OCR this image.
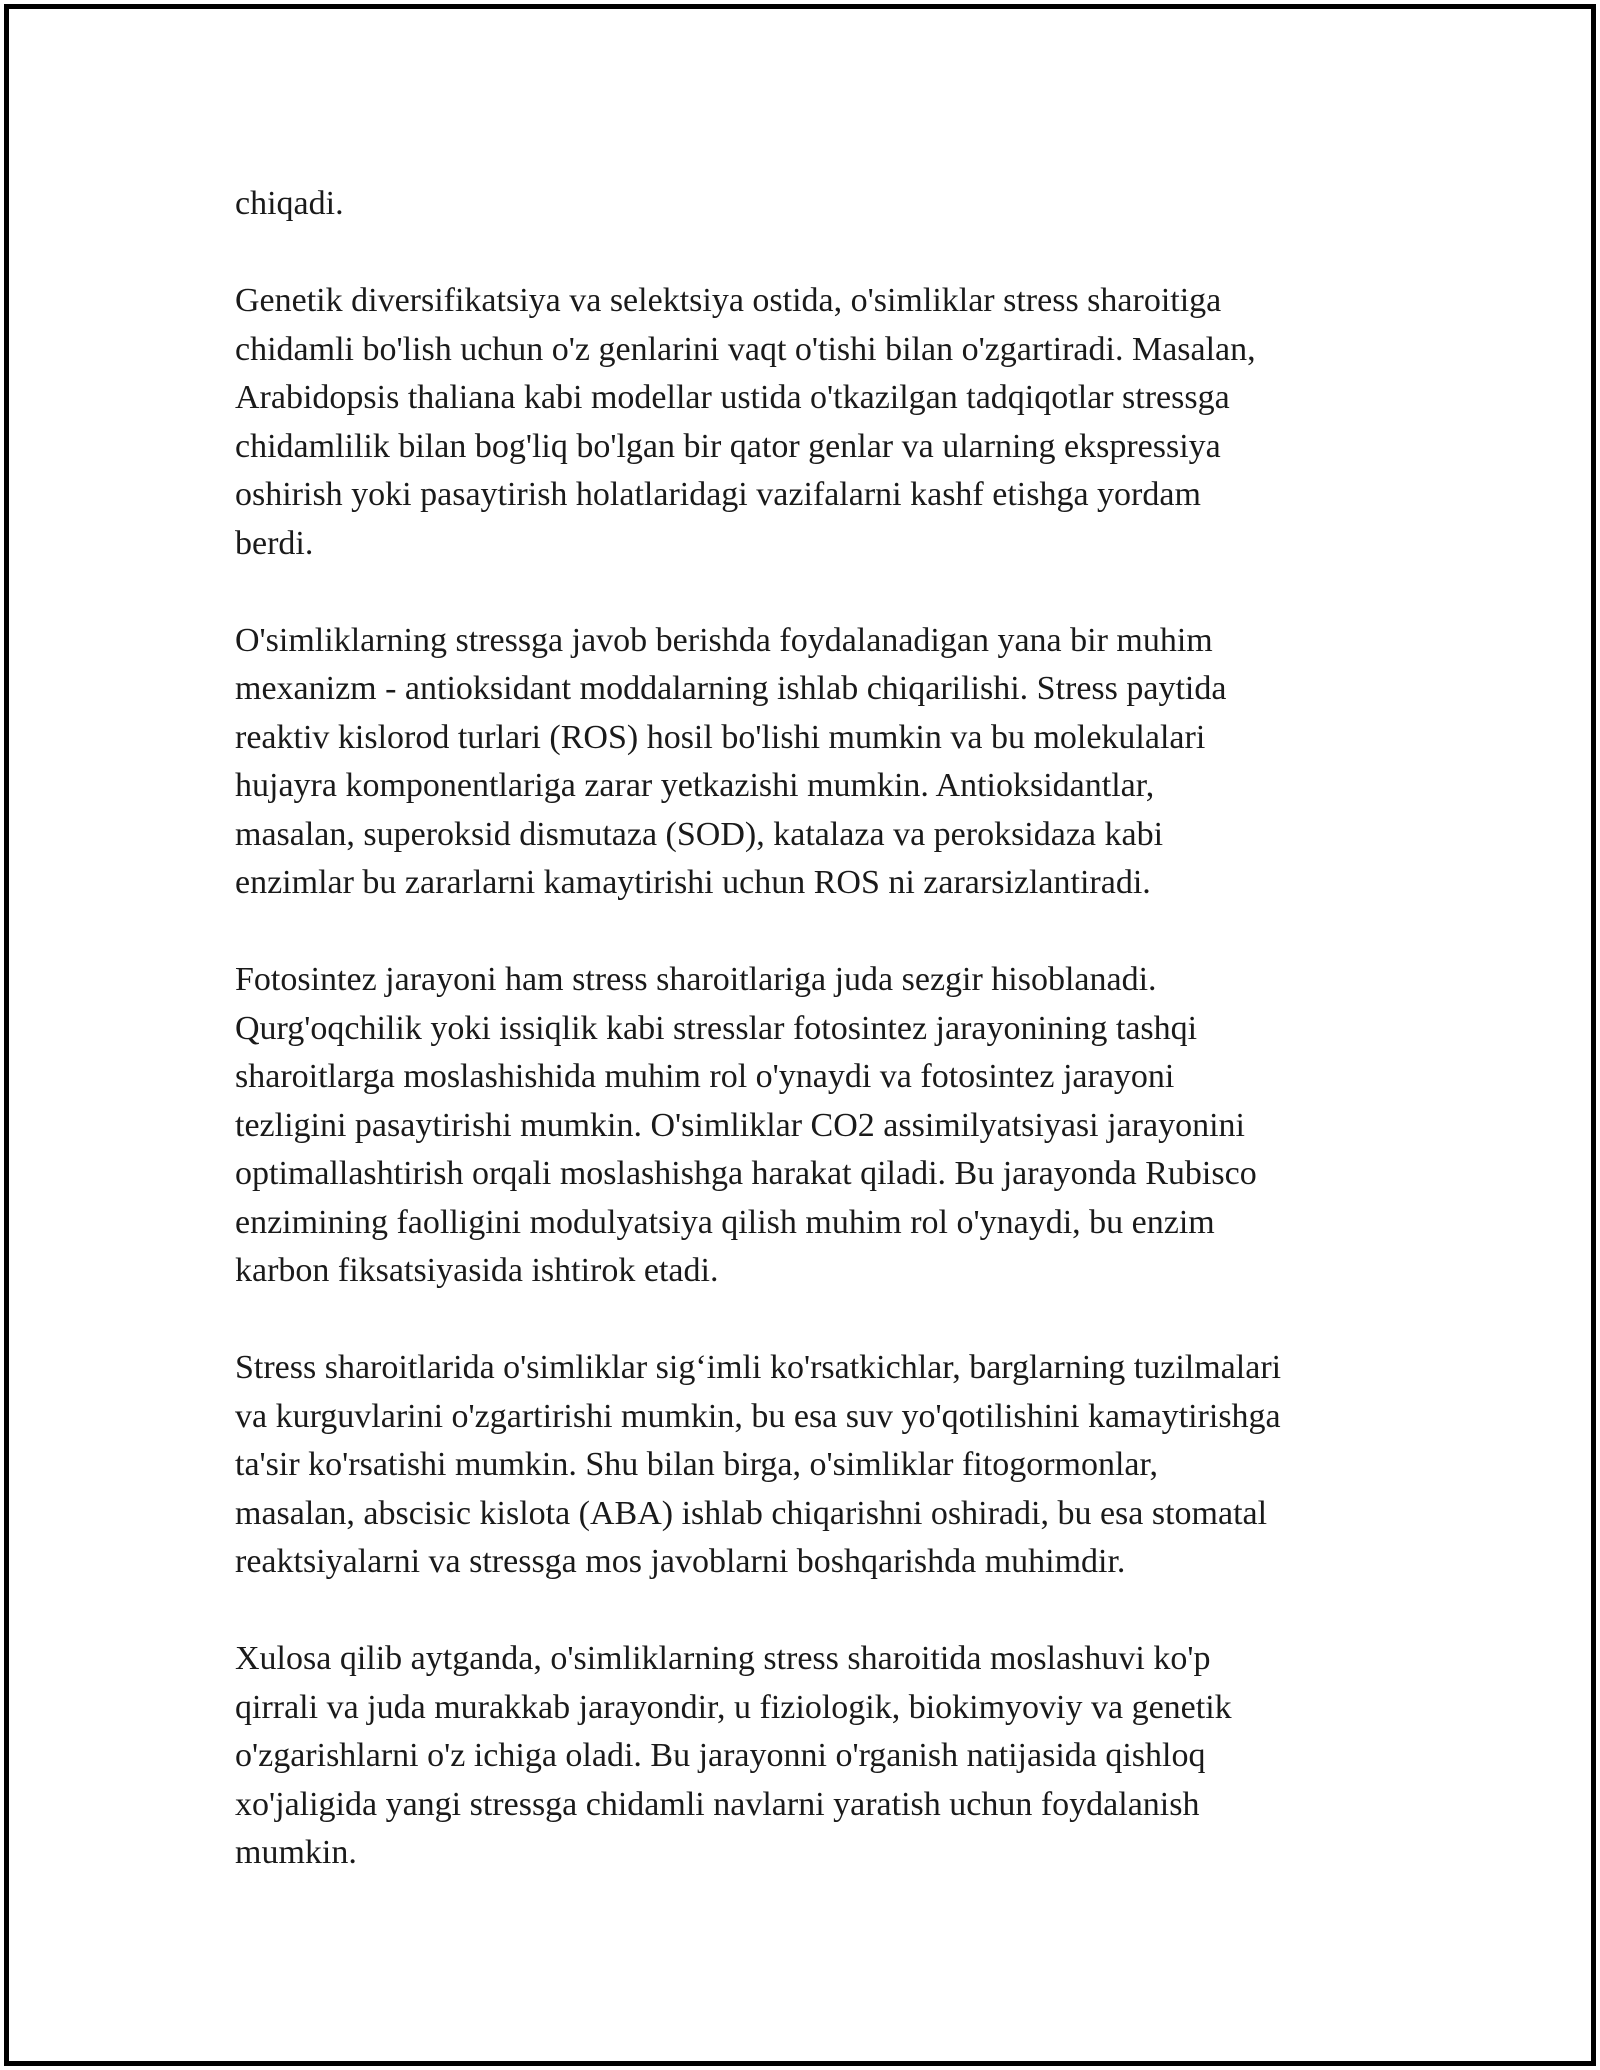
chiqadi.

Genetik diversifikatsiya va selektsiya ostida, o'simliklar stress sharoitiga
chidamli bo'lish uchun o'z genlarini vaqt o'tishi bilan o'zgartiradi. Masalan,
Arabidopsis thaliana kabi modellar ustida o'tkazilgan tadqiqotlar stressga
chidamlilik bilan bog'liq bo'lgan bir qator genlar va ularning ekspressiya
oshirish yoki pasaytirish holatlaridagi vazifalarni kashf etishga yordam
berdi.

O'simliklarning stressga javob berishda foydalanadigan yana bir muhim
mexanizm - antioksidant moddalarning ishlab chiqarilishi. Stress paytida
reaktiv kislorod turlari (ROS) hosil bo'lishi mumkin va bu molekulalari
hujayra komponentlariga zarar yetkazishi mumkin. Antioksidantlar,
masalan, superoksid dismutaza (SOD), katalaza va peroksidaza kabi
enzimlar bu zararlarni kamaytirishi uchun ROS ni zararsizlantiradi.

Fotosintez jarayoni ham stress sharoitlariga juda sezgir hisoblanadi.
Qurg'oqchilik yoki issiqlik kabi stresslar fotosintez jarayonining tashqi
sharoitlarga moslashishida muhim rol o'ynaydi va fotosintez jarayoni
tezligini pasaytirishi mumkin. O'simliklar CO2 assimilyatsiyasi jarayonini
optimallashtirish orqali moslashishga harakat qiladi. Bu jarayonda Rubisco
enzimining faolligini modulyatsiya qilish muhim rol o'ynaydi, bu enzim
karbon fiksatsiyasida ishtirok etadi.

Stress sharoitlarida o'simliklar sig‘imli ko'rsatkichlar, barglarning tuzilmalari
va kurguvlarini o'zgartirishi mumkin, bu esa suv yo'qotilishini kamaytirishga
ta'sir ko'rsatishi mumkin. Shu bilan birga, o'simliklar fitogormonlar,
masalan, abscisic kislota (ABA) ishlab chiqarishni oshiradi, bu esa stomatal
reaktsiyalarni va stressga mos javoblarni boshqarishda muhimdir.

Xulosa qilib aytganda, o'simliklarning stress sharoitida moslashuvi ko'p
qirrali va juda murakkab jarayondir, u fiziologik, biokimyoviy va genetik
o'zgarishlarni o'z ichiga oladi. Bu jarayonni o'rganish natijasida qishloq
xo'jaligida yangi stressga chidamli navlarni yaratish uchun foydalanish
mumkin.
